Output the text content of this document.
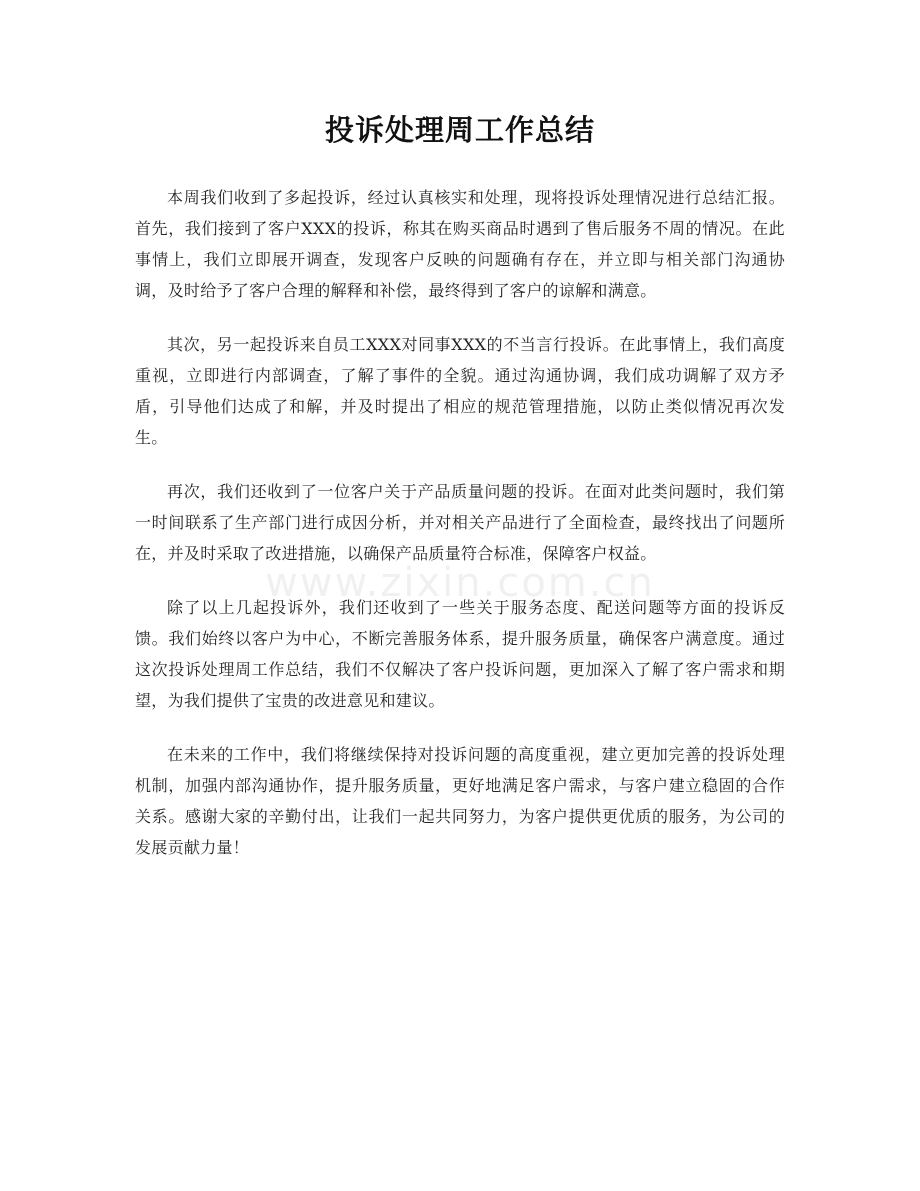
投诉处理周工作总结

本周我们收到了多起投诉，经过认真核实和处理，现将投诉处理情况进行总结汇报。首先，我们接到了客户XXX的投诉，称其在购买商品时遇到了售后服务不周的情况。在此事情上，我们立即展开调查，发现客户反映的问题确有存在，并立即与相关部门沟通协调，及时给予了客户合理的解释和补偿，最终得到了客户的谅解和满意。

其次，另一起投诉来自员工XXX对同事XXX的不当言行投诉。在此事情上，我们高度重视，立即进行内部调查，了解了事件的全貌。通过沟通协调，我们成功调解了双方矛盾，引导他们达成了和解，并及时提出了相应的规范管理措施，以防止类似情况再次发生。

再次，我们还收到了一位客户关于产品质量问题的投诉。在面对此类问题时，我们第一时间联系了生产部门进行成因分析，并对相关产品进行了全面检查，最终找出了问题所在，并及时采取了改进措施，以确保产品质量符合标准，保障客户权益。

除了以上几起投诉外，我们还收到了一些关于服务态度、配送问题等方面的投诉反馈。我们始终以客户为中心，不断完善服务体系，提升服务质量，确保客户满意度。通过这次投诉处理周工作总结，我们不仅解决了客户投诉问题，更加深入了解了客户需求和期望，为我们提供了宝贵的改进意见和建议。

在未来的工作中，我们将继续保持对投诉问题的高度重视，建立更加完善的投诉处理机制，加强内部沟通协作，提升服务质量，更好地满足客户需求，与客户建立稳固的合作关系。感谢大家的辛勤付出，让我们一起共同努力，为客户提供更优质的服务，为公司的发展贡献力量！

www.zixin.com.cn
